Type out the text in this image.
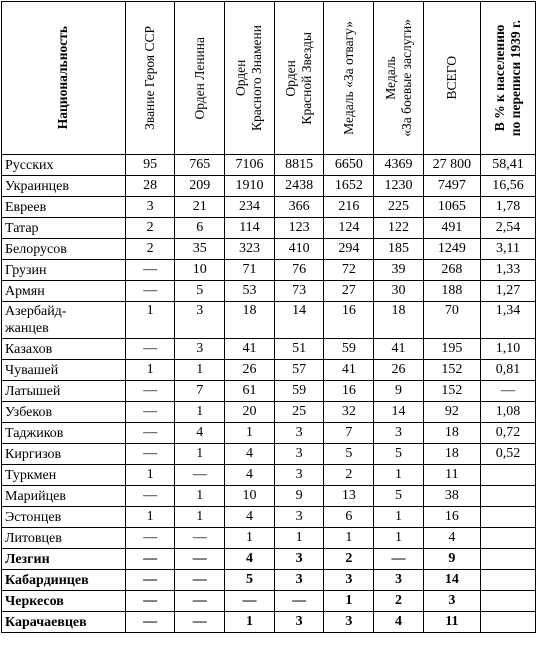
Национальность	Звание Героя ССР	Орден Ленина	Орден
Красного Знамени	Орден
Красной Звезды	Медаль «За отвагу»	Медаль
«За боевые заслуги»	ВСЕГО	В % к населению
по переписи 1939 г.

Русских	95	765	7106	8815	6650	4369	27 800	58,41
Украинцев	28	209	1910	2438	1652	1230	7497	16,56
Евреев	3	21	234	366	216	225	1065	1,78
Татар	2	6	114	123	124	122	491	2,54
Белорусов	2	35	323	410	294	185	1249	3,11
Грузин	—	10	71	76	72	39	268	1,33
Армян	—	5	53	73	27	30	188	1,27
Азербайд-
жанцев	1	3	18	14	16	18	70	1,34
Казахов	—	3	41	51	59	41	195	1,10
Чувашей	1	1	26	57	41	26	152	0,81
Латышей	—	7	61	59	16	9	152	—
Узбеков	—	1	20	25	32	14	92	1,08
Таджиков	—	4	1	3	7	3	18	0,72
Киргизов	—	1	4	3	5	5	18	0,52
Туркмен	1	—	4	3	2	1	11	
Марийцев	—	1	10	9	13	5	38	
Эстонцев	1	1	4	3	6	1	16	
Литовцев	—	—	1	1	1	1	4	
Лезгин	—	—	4	3	2	—	9	
Кабардинцев	—	—	5	3	3	3	14	
Черкесов	—	—	—	—	1	2	3	
Карачаевцев	—	—	1	3	3	4	11	
